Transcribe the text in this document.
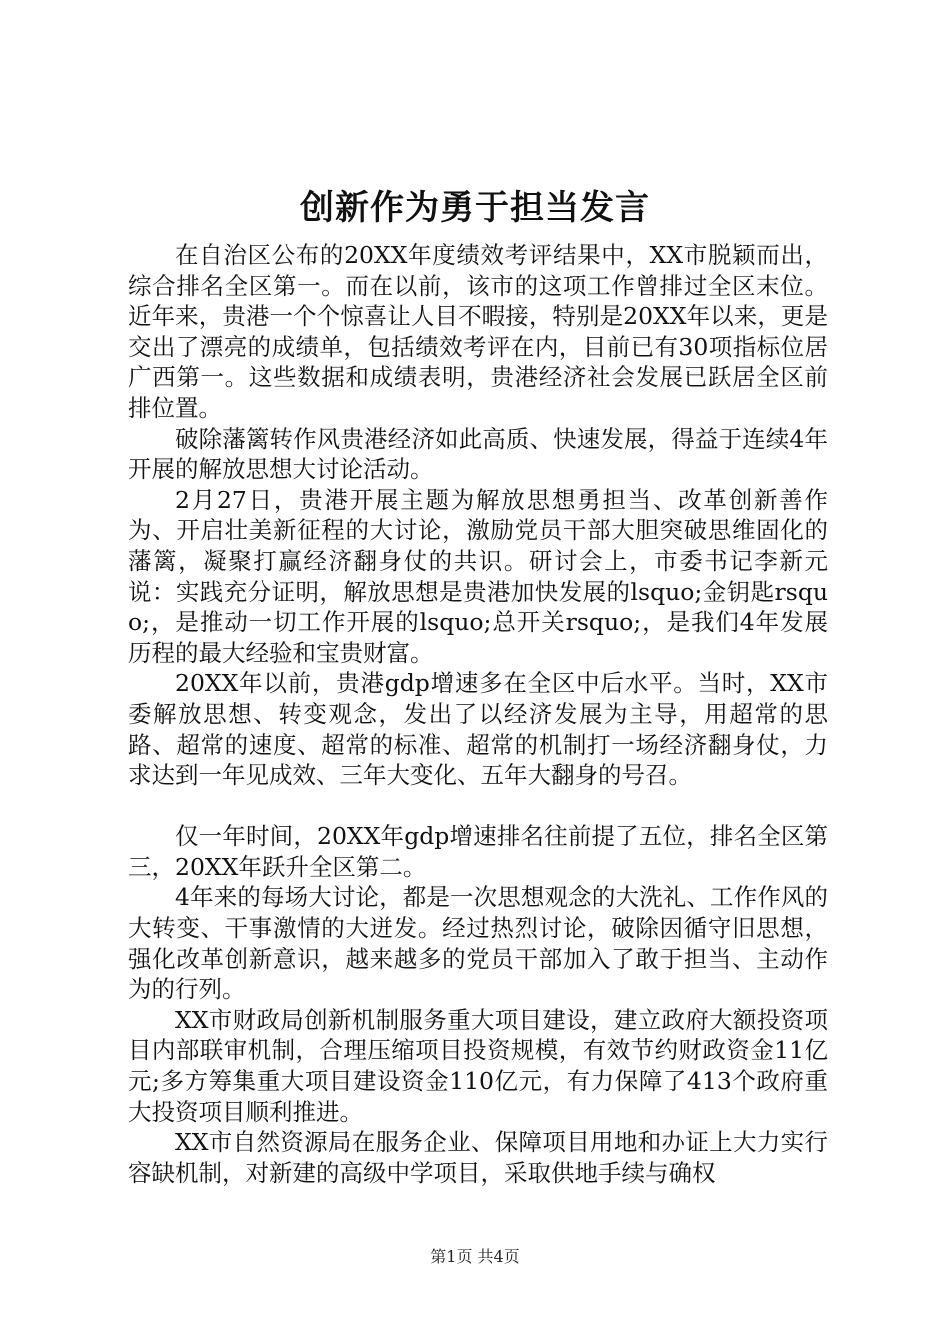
创新作为勇于担当发言

在自治区公布的20XX年度绩效考评结果中，XX市脱颖而出，综合排名全区第一。而在以前，该市的这项工作曾排过全区末位。近年来，贵港一个个惊喜让人目不暇接，特别是20XX年以来，更是交出了漂亮的成绩单，包括绩效考评在内，目前已有30项指标位居广西第一。这些数据和成绩表明，贵港经济社会发展已跃居全区前排位置。

破除藩篱转作风贵港经济如此高质、快速发展，得益于连续4年开展的解放思想大讨论活动。

2月27日，贵港开展主题为解放思想勇担当、改革创新善作为、开启壮美新征程的大讨论，激励党员干部大胆突破思维固化的藩篱，凝聚打赢经济翻身仗的共识。研讨会上，市委书记李新元说：实践充分证明，解放思想是贵港加快发展的lsquo;金钥匙rsquo;，是推动一切工作开展的lsquo;总开关rsquo;，是我们4年发展历程的最大经验和宝贵财富。

20XX年以前，贵港gdp增速多在全区中后水平。当时，XX市委解放思想、转变观念，发出了以经济发展为主导，用超常的思路、超常的速度、超常的标准、超常的机制打一场经济翻身仗，力求达到一年见成效、三年大变化、五年大翻身的号召。

仅一年时间，20XX年gdp增速排名往前提了五位，排名全区第三，20XX年跃升全区第二。

4年来的每场大讨论，都是一次思想观念的大洗礼、工作作风的大转变、干事激情的大迸发。经过热烈讨论，破除因循守旧思想，强化改革创新意识，越来越多的党员干部加入了敢于担当、主动作为的行列。

XX市财政局创新机制服务重大项目建设，建立政府大额投资项目内部联审机制，合理压缩项目投资规模，有效节约财政资金11亿元;多方筹集重大项目建设资金110亿元，有力保障了413个政府重大投资项目顺利推进。

XX市自然资源局在服务企业、保障项目用地和办证上大力实行容缺机制，对新建的高级中学项目，采取供地手续与确权

第1页 共4页
